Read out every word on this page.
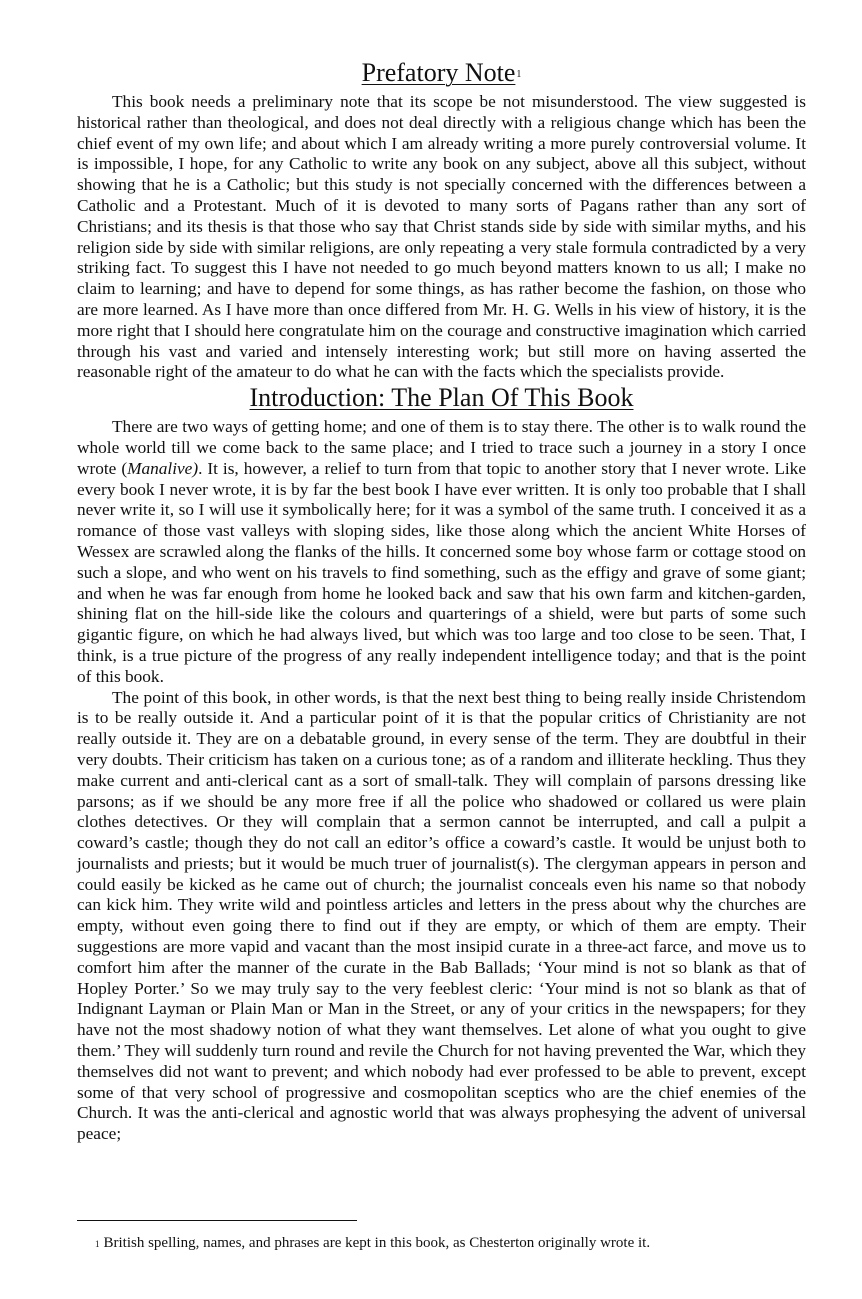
Prefatory Note$^1$

This book needs a preliminary note that its scope be not misunderstood. The view suggested is historical rather than theological, and does not deal directly with a religious change which has been the chief event of my own life; and about which I am already writing a more purely controversial volume. It is impossible, I hope, for any Catholic to write any book on any subject, above all this subject, without showing that he is a Catholic; but this study is not specially concerned with the differences between a Catholic and a Protestant. Much of it is devoted to many sorts of Pagans rather than any sort of Christians; and its thesis is that those who say that Christ stands side by side with similar myths, and his religion side by side with similar religions, are only repeating a very stale formula contradicted by a very striking fact. To suggest this I have not needed to go much beyond matters known to us all; I make no claim to learning; and have to depend for some things, as has rather become the fashion, on those who are more learned. As I have more than once differed from Mr. H. G. Wells in his view of history, it is the more right that I should here congratulate him on the courage and constructive imagination which carried through his vast and varied and intensely interesting work; but still more on having asserted the reasonable right of the amateur to do what he can with the facts which the specialists provide.

Introduction: The Plan Of This Book

There are two ways of getting home; and one of them is to stay there. The other is to walk round the whole world till we come back to the same place; and I tried to trace such a journey in a story I once wrote (Manalive). It is, however, a relief to turn from that topic to another story that I never wrote. Like every book I never wrote, it is by far the best book I have ever written. It is only too probable that I shall never write it, so I will use it symbolically here; for it was a symbol of the same truth. I conceived it as a romance of those vast valleys with sloping sides, like those along which the ancient White Horses of Wessex are scrawled along the flanks of the hills. It concerned some boy whose farm or cottage stood on such a slope, and who went on his travels to find something, such as the effigy and grave of some giant; and when he was far enough from home he looked back and saw that his own farm and kitchen-garden, shining flat on the hill-side like the colours and quarterings of a shield, were but parts of some such gigantic figure, on which he had always lived, but which was too large and too close to be seen. That, I think, is a true picture of the progress of any really independent intelligence today; and that is the point of this book.

The point of this book, in other words, is that the next best thing to being really inside Christendom is to be really outside it. And a particular point of it is that the popular critics of Christianity are not really outside it. They are on a debatable ground, in every sense of the term. They are doubtful in their very doubts. Their criticism has taken on a curious tone; as of a random and illiterate heckling. Thus they make current and anti-clerical cant as a sort of small-talk. They will complain of parsons dressing like parsons; as if we should be any more free if all the police who shadowed or collared us were plain clothes detectives. Or they will complain that a sermon cannot be interrupted, and call a pulpit a coward’s castle; though they do not call an editor’s office a coward’s castle. It would be unjust both to journalists and priests; but it would be much truer of journalist(s). The clergyman appears in person and could easily be kicked as he came out of church; the journalist conceals even his name so that nobody can kick him. They write wild and pointless articles and letters in the press about why the churches are empty, without even going there to find out if they are empty, or which of them are empty. Their suggestions are more vapid and vacant than the most insipid curate in a three-act farce, and move us to comfort him after the manner of the curate in the Bab Ballads; ‘Your mind is not so blank as that of Hopley Porter.’ So we may truly say to the very feeblest cleric: ‘Your mind is not so blank as that of Indignant Layman or Plain Man or Man in the Street, or any of your critics in the newspapers; for they have not the most shadowy notion of what they want themselves. Let alone of what you ought to give them.’ They will suddenly turn round and revile the Church for not having prevented the War, which they themselves did not want to prevent; and which nobody had ever professed to be able to prevent, except some of that very school of progressive and cosmopolitan sceptics who are the chief enemies of the Church. It was the anti-clerical and agnostic world that was always prophesying the advent of universal peace;

$^1$ British spelling, names, and phrases are kept in this book, as Chesterton originally wrote it.
